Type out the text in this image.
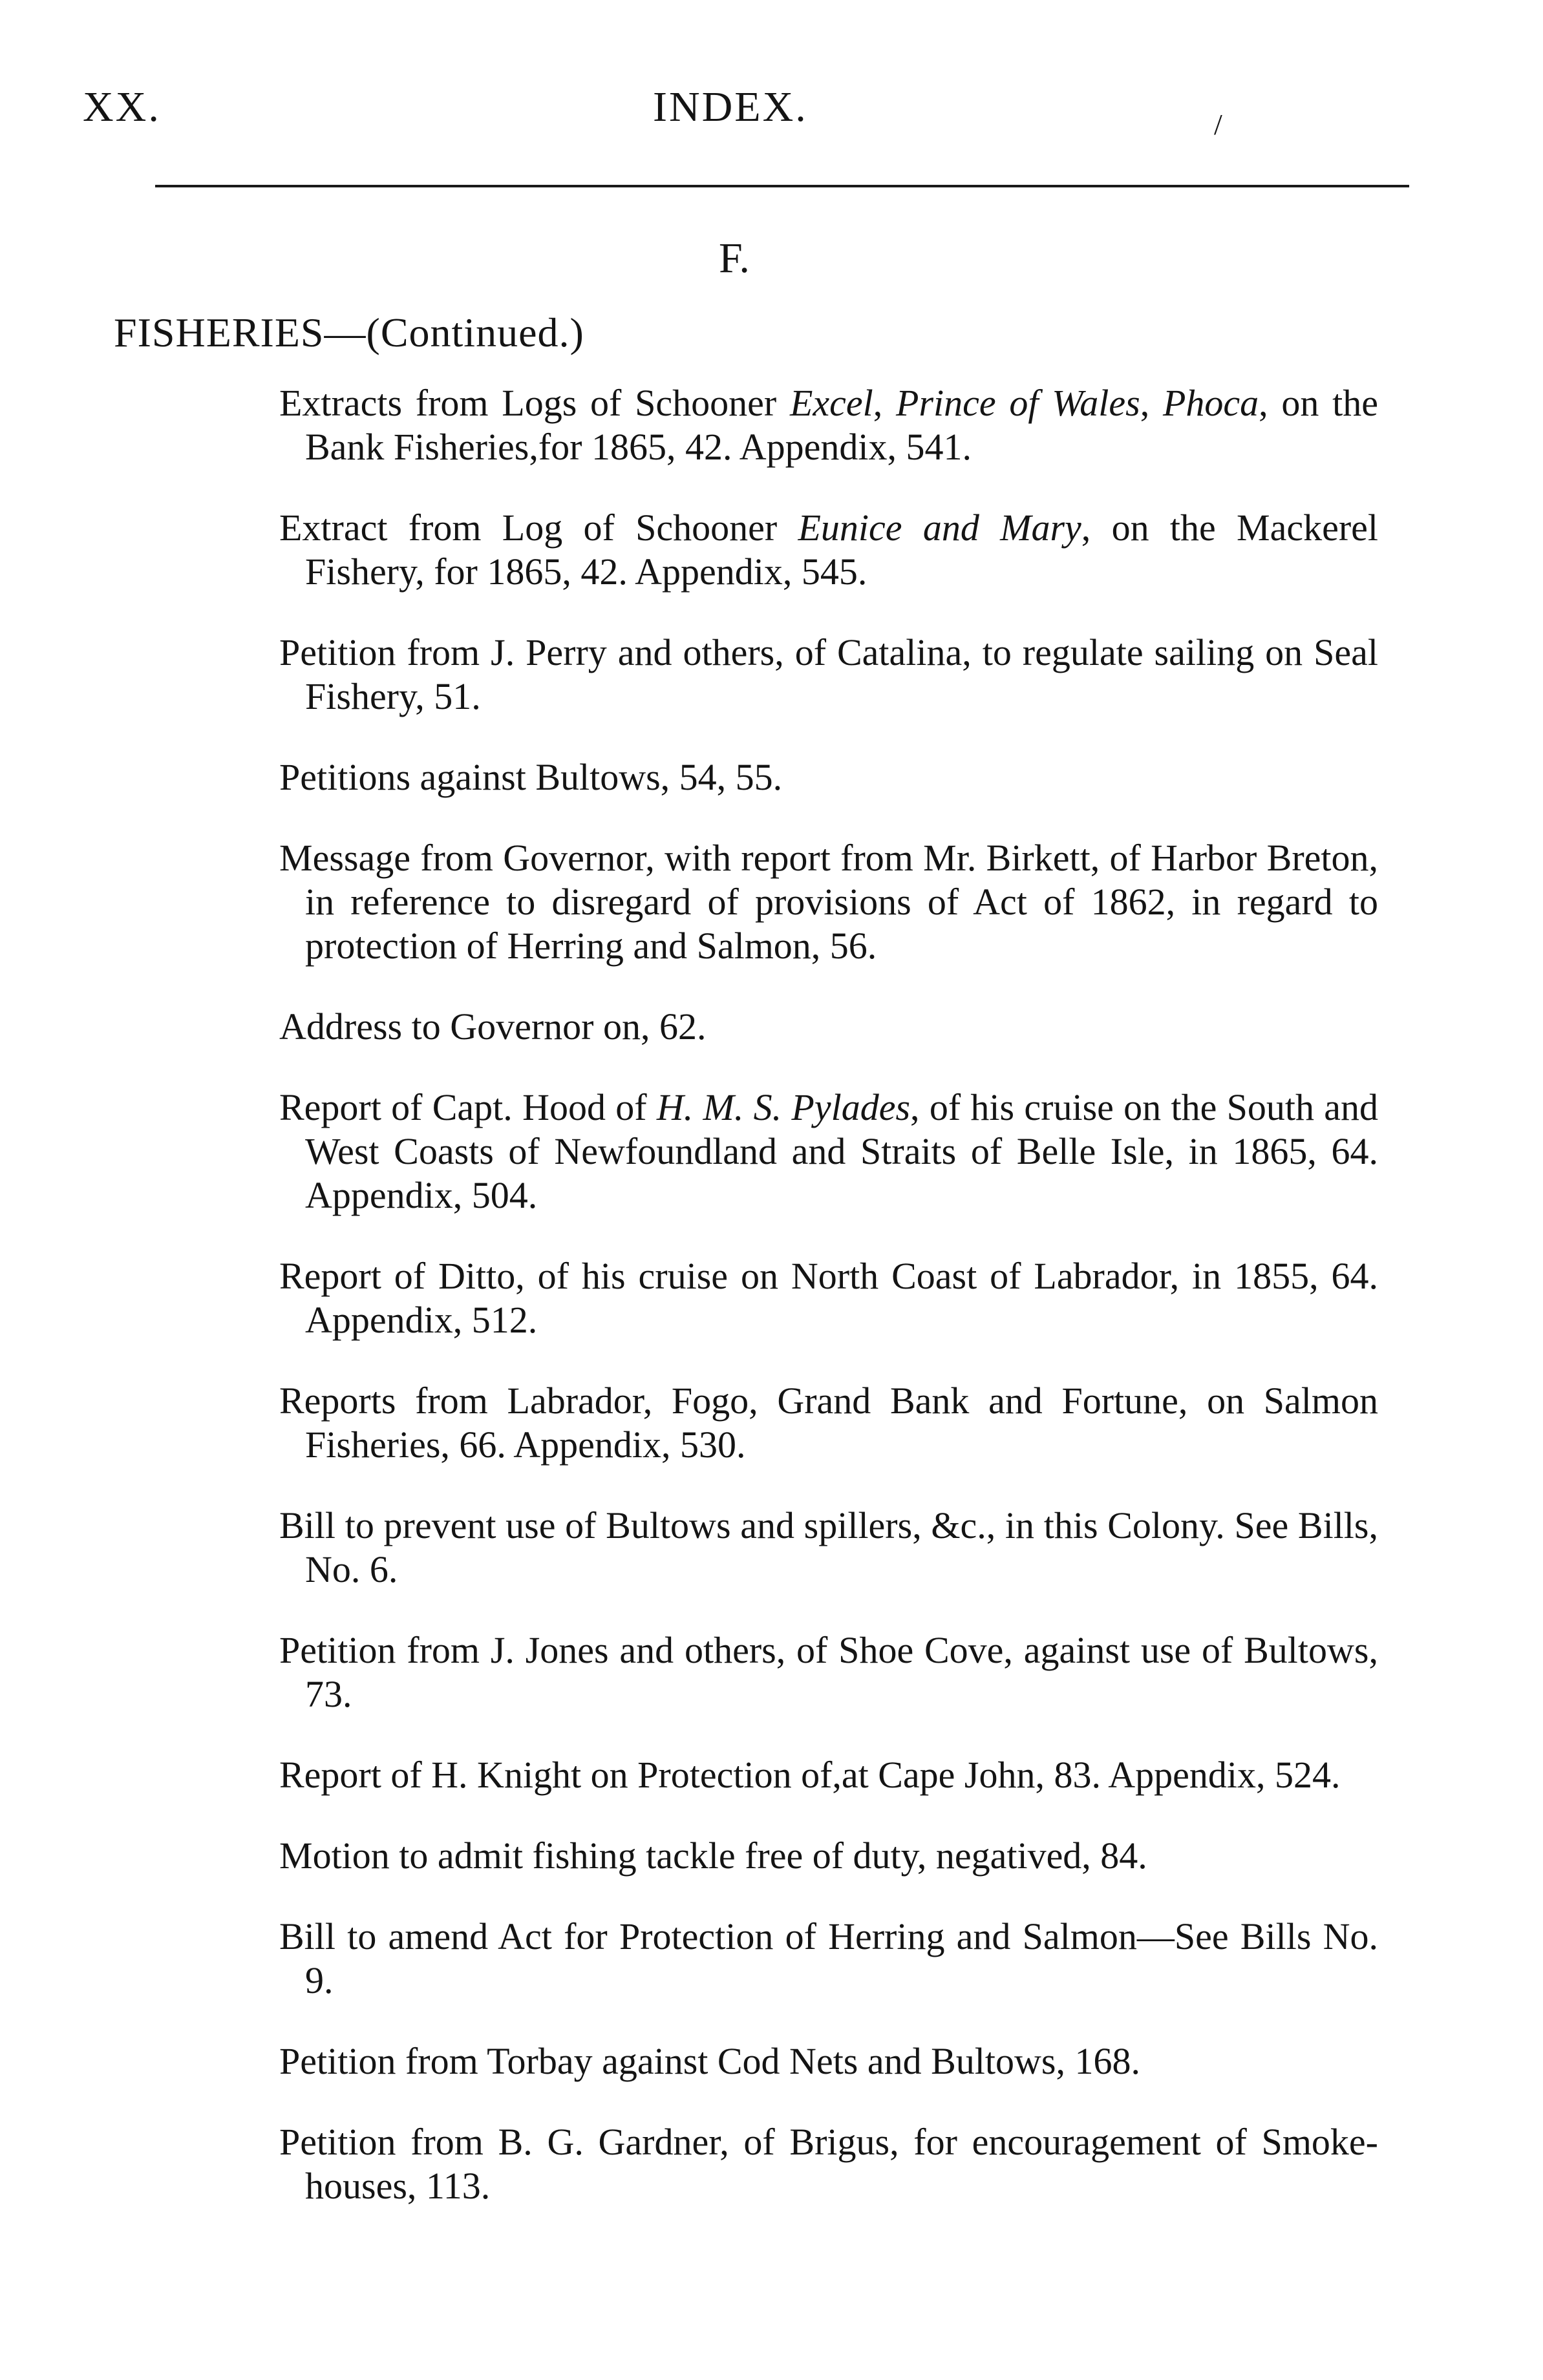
XX.	INDEX.	/
F.
FISHERIES—(Continued.)

Extracts from Logs of Schooner Excel, Prince of Wales, Phoca, on the Bank Fisheries,for 1865, 42. Appendix, 541.

Extract from Log of Schooner Eunice and Mary, on the Mackerel Fishery, for 1865, 42. Appendix, 545.

Petition from J. Perry and others, of Catalina, to regulate sailing on Seal Fishery, 51.

Petitions against Bultows, 54, 55.

Message from Governor, with report from Mr. Birkett, of Harbor Breton, in reference to disregard of provisions of Act of 1862, in regard to protection of Herring and Salmon, 56.

Address to Governor on, 62.

Report of Capt. Hood of H. M. S. Pylades, of his cruise on the South and West Coasts of Newfoundland and Straits of Belle Isle, in 1865, 64. Appendix, 504.

Report of Ditto, of his cruise on North Coast of Labrador, in 1855, 64. Appendix, 512.

Reports from Labrador, Fogo, Grand Bank and Fortune, on Salmon Fisheries, 66. Appendix, 530.

Bill to prevent use of Bultows and spillers, &c., in this Colony. See Bills, No. 6.

Petition from J. Jones and others, of Shoe Cove, against use of Bultows, 73.

Report of H. Knight on Protection of,at Cape John, 83. Appendix, 524.

Motion to admit fishing tackle free of duty, negatived, 84.

Bill to amend Act for Protection of Herring and Salmon—See Bills No. 9.

Petition from Torbay against Cod Nets and Bultows, 168.

Petition from B. G. Gardner, of Brigus, for encouragement of Smoke-houses, 113.
